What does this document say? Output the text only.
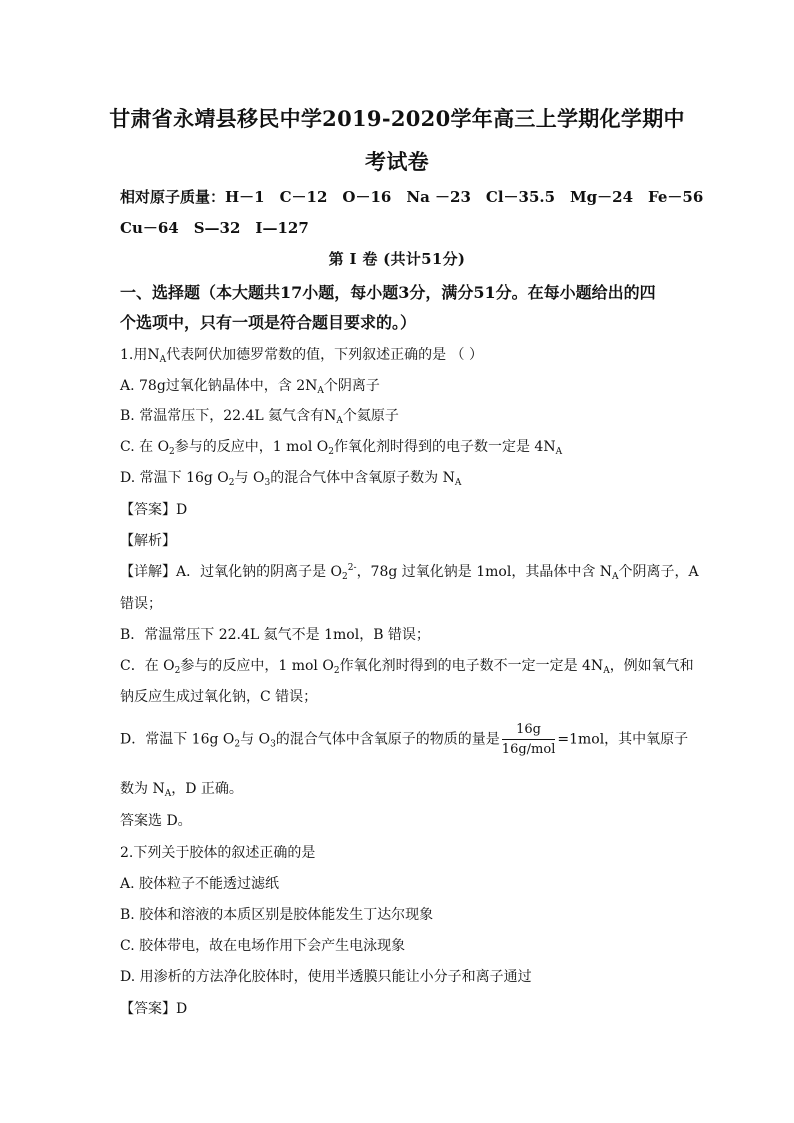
甘肃省永靖县移民中学2019-2020学年高三上学期化学期中
考试卷
相对原子质量：H－1　C－12　O－16　Na －23　Cl－35.5　Mg－24　Fe－56
Cu－64　S—32　I—127
第 Ⅰ 卷 (共计51分)
一、选择题（本大题共17小题，每小题3分，满分51分。在每小题给出的四
个选项中，只有一项是符合题目要求的。）
1.用$N_A$代表阿伏加德罗常数的值，下列叙述正确的是 （ ）
A. 78g过氧化钠晶体中，含 $2N_A$个阴离子
B. 常温常压下，22.4L 氦气含有$N_A$个氦原子
C. 在 $O_2$参与的反应中，1 mol $O_2$作氧化剂时得到的电子数一定是 $4N_A$
D. 常温下 16g $O_2$与 $O_3$的混合气体中含氧原子数为 $N_A$
【答案】D
【解析】
【详解】A．过氧化钠的阴离子是 $O_2^{2-}$，78g 过氧化钠是 1mol，其晶体中含 $N_A$个阴离子，A
错误；
B．常温常压下 22.4L 氦气不是 1mol，B 错误；
C．在 $O_2$参与的反应中，1 mol $O_2$作氧化剂时得到的电子数不一定一定是 $4N_A$，例如氧气和
钠反应生成过氧化钠，C 错误；
D．常温下 16g $O_2$与 $O_3$的混合气体中含氧原子的物质的量是 $\frac{16g}{\text{16g/mol}} =1mol$，其中氧原子
数为 $N_A$，D 正确。
答案选 D。
2.下列关于胶体的叙述正确的是
A. 胶体粒子不能透过滤纸
B. 胶体和溶液的本质区别是胶体能发生丁达尔现象
C. 胶体带电，故在电场作用下会产生电泳现象
D. 用渗析的方法净化胶体时，使用半透膜只能让小分子和离子通过
【答案】D
